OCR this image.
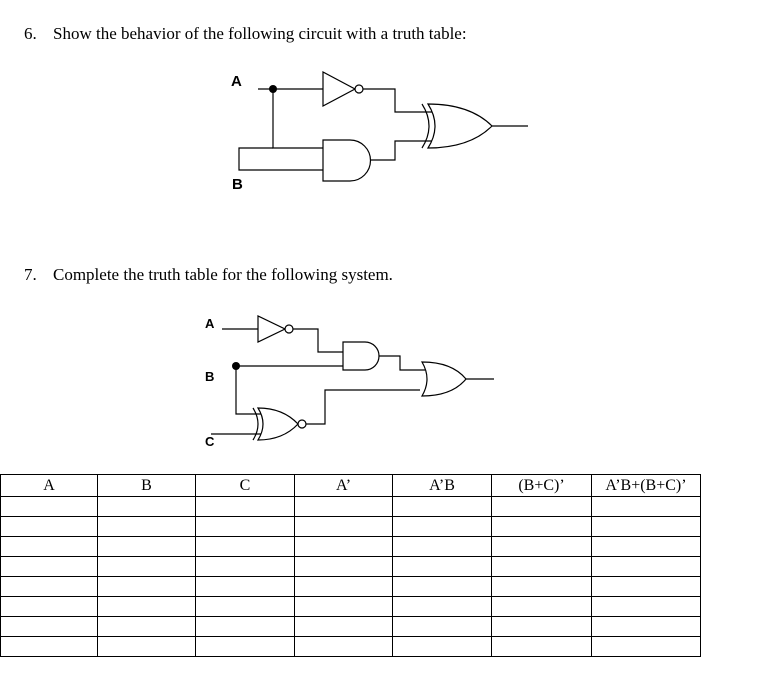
6. Show the behavior of the following circuit with a truth table:
A
B
7. Complete the truth table for the following system.
A
B
C
A	B	C	A’	A’B	(B+C)’	A’B+(B+C)’
